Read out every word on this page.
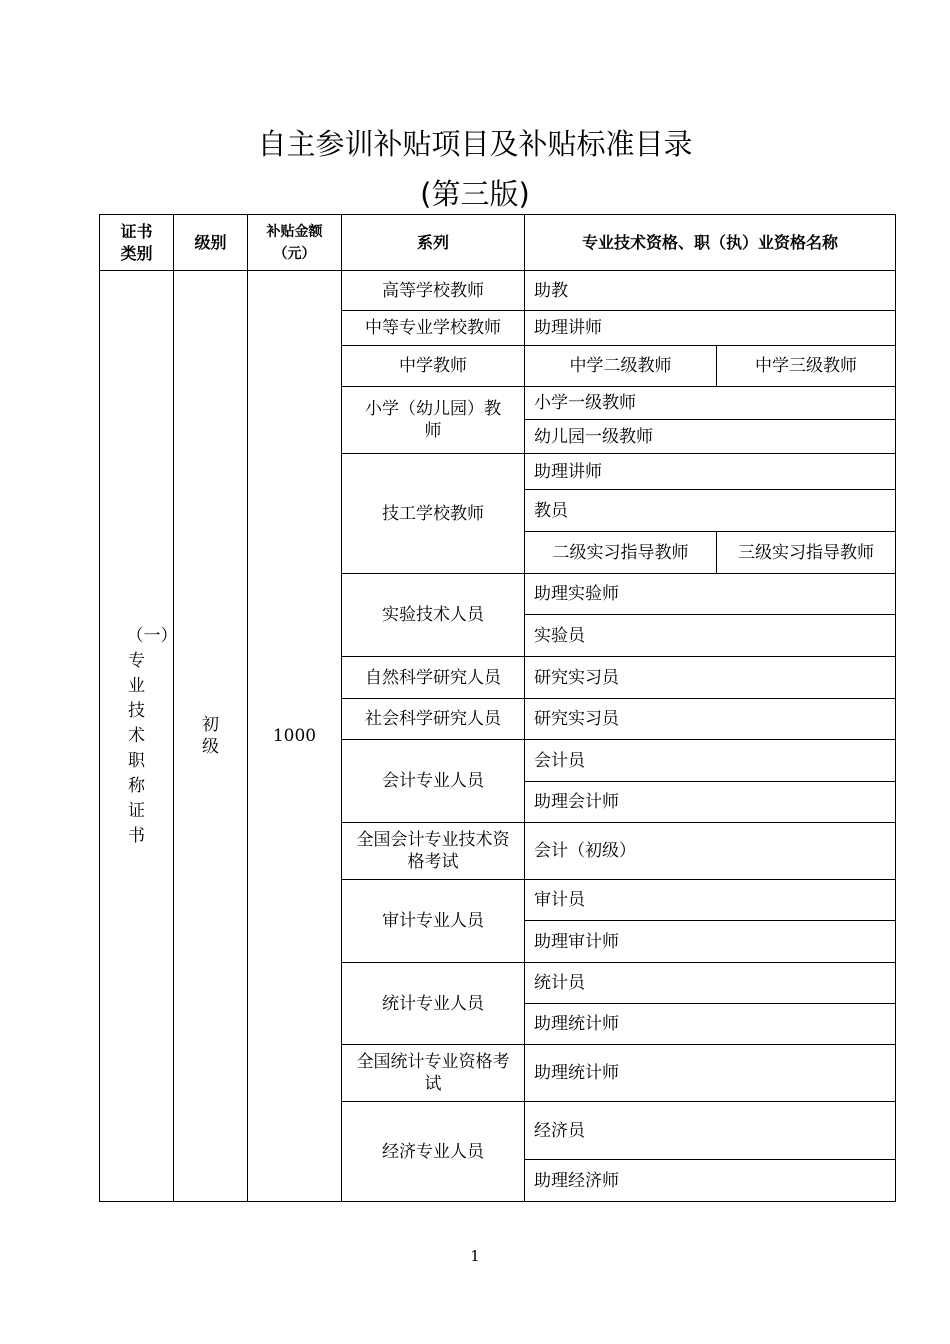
自主参训补贴项目及补贴标准目录
(第三版)
证书类别	级别	补贴金额（元）	系列	专业技术资格、职（执）业资格名称	
（一）专业技术职称证书	初级	1000	高等学校教师	助教	
			中等专业学校教师	助理讲师	
			中学教师	中学二级教师	中学三级教师
			小学（幼儿园）教师	小学一级教师	
				幼儿园一级教师	
			技工学校教师	助理讲师	
				教员	
				二级实习指导教师	三级实习指导教师
			实验技术人员	助理实验师	
				实验员	
			自然科学研究人员	研究实习员	
			社会科学研究人员	研究实习员	
			会计专业人员	会计员	
				助理会计师	
			全国会计专业技术资格考试	会计（初级）	
			审计专业人员	审计员	
				助理审计师	
			统计专业人员	统计员	
				助理统计师	
			全国统计专业资格考试	助理统计师	
			经济专业人员	经济员	
				助理经济师	
1
